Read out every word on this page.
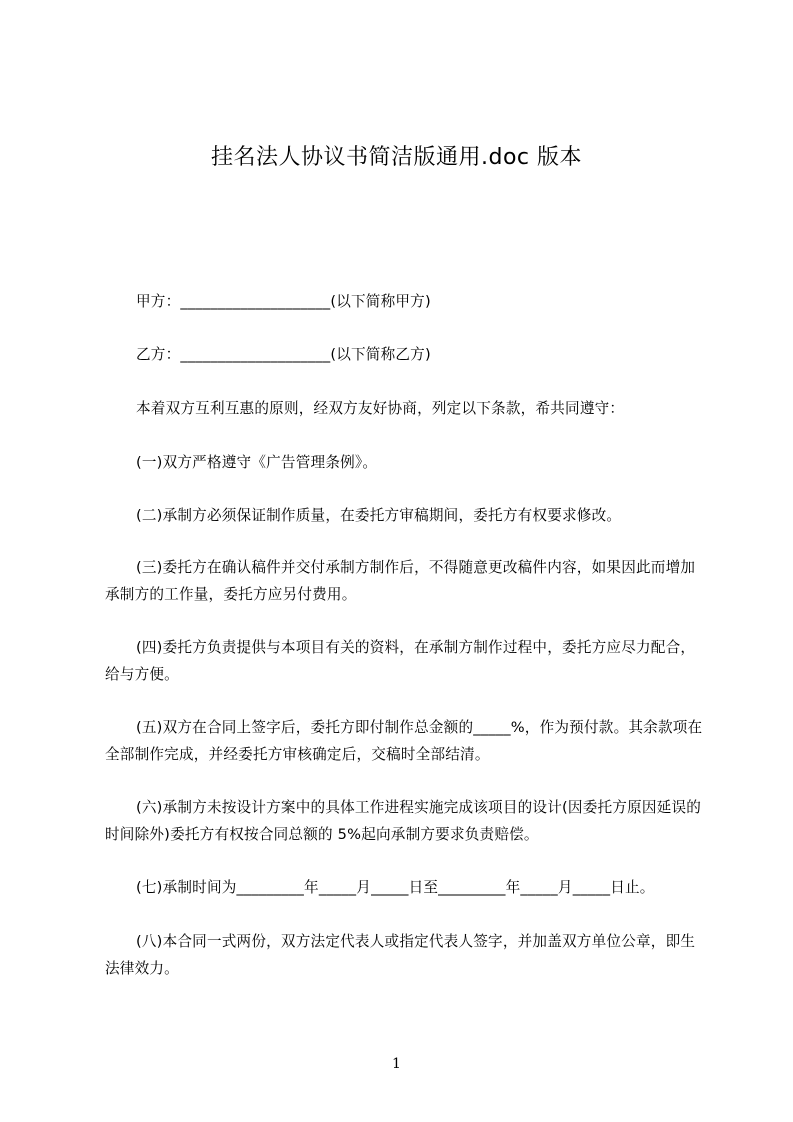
挂名法人协议书简洁版通用.doc 版本

甲方：____________________(以下简称甲方)

乙方：____________________(以下简称乙方)

本着双方互利互惠的原则，经双方友好协商，列定以下条款，希共同遵守：

(一)双方严格遵守《广告管理条例》。

(二)承制方必须保证制作质量，在委托方审稿期间，委托方有权要求修改。

(三)委托方在确认稿件并交付承制方制作后，不得随意更改稿件内容，如果因此而增加承制方的工作量，委托方应另付费用。

(四)委托方负责提供与本项目有关的资料，在承制方制作过程中，委托方应尽力配合，给与方便。

(五)双方在合同上签字后，委托方即付制作总金额的_____%，作为预付款。其余款项在全部制作完成，并经委托方审核确定后，交稿时全部结清。

(六)承制方未按设计方案中的具体工作进程实施完成该项目的设计(因委托方原因延误的时间除外)委托方有权按合同总额的 5%起向承制方要求负责赔偿。

(七)承制时间为_________年_____月_____日至_________年_____月_____日止。

(八)本合同一式两份，双方法定代表人或指定代表人签字，并加盖双方单位公章，即生法律效力。

1
